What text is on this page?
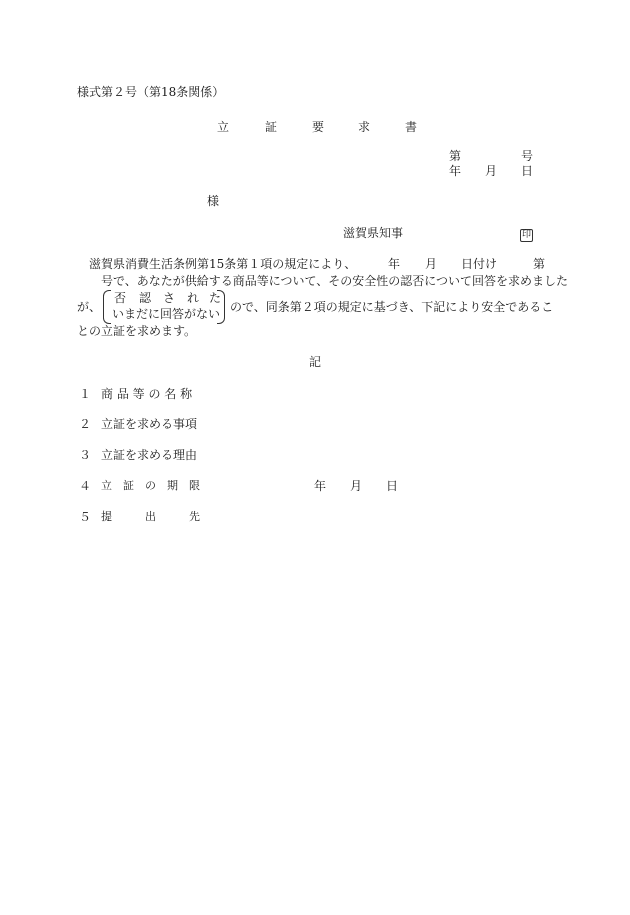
様式第２号（第18条関係）
立	証	要	求	書
第	号
年 月 日
様
滋賀県知事	印
滋賀県消費生活条例第15条第１項の規定により、	年 月 日付け	第
号で、あなたが供給する商品等について、その安全性の認否について回答を求めました
が、
否 認 さ れ た
いまだに回答がない ので、同条第２項の規定に基づき、下記により安全であるこ
との立証を求めます。
記
１ 商 品 等 の 名 称
２ 立証を求める事項
３ 立証を求める理由
４ 立　証　の　期　限	年 月 日
５ 提　　　出　　　先
